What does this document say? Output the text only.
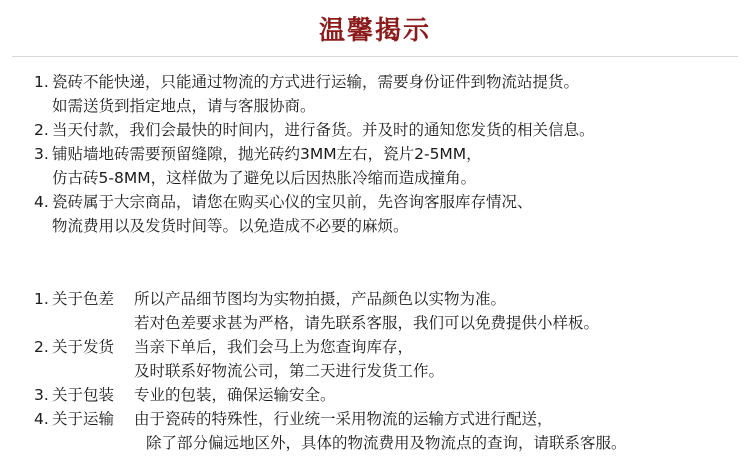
温馨揭示
1. 瓷砖不能快递，只能通过物流的方式进行运输，需要身份证件到物流站提货。
如需送货到指定地点，请与客服协商。
2. 当天付款，我们会最快的时间内，进行备货。并及时的通知您发货的相关信息。
3. 铺贴墙地砖需要预留缝隙，抛光砖约3MM左右，瓷片2-5MM，
仿古砖5-8MM，这样做为了避免以后因热胀冷缩而造成撞角。
4. 瓷砖属于大宗商品，请您在购买心仪的宝贝前，先咨询客服库存情况、
物流费用以及发货时间等。以免造成不必要的麻烦。
1. 关于色差	所以产品细节图均为实物拍摄，产品颜色以实物为准。
若对色差要求甚为严格，请先联系客服，我们可以免费提供小样板。
2. 关于发货	当亲下单后，我们会马上为您查询库存，
及时联系好物流公司，第二天进行发货工作。
3. 关于包装	专业的包装，确保运输安全。
4. 关于运输	由于瓷砖的特殊性，行业统一采用物流的运输方式进行配送，
除了部分偏远地区外，具体的物流费用及物流点的查询，请联系客服。
